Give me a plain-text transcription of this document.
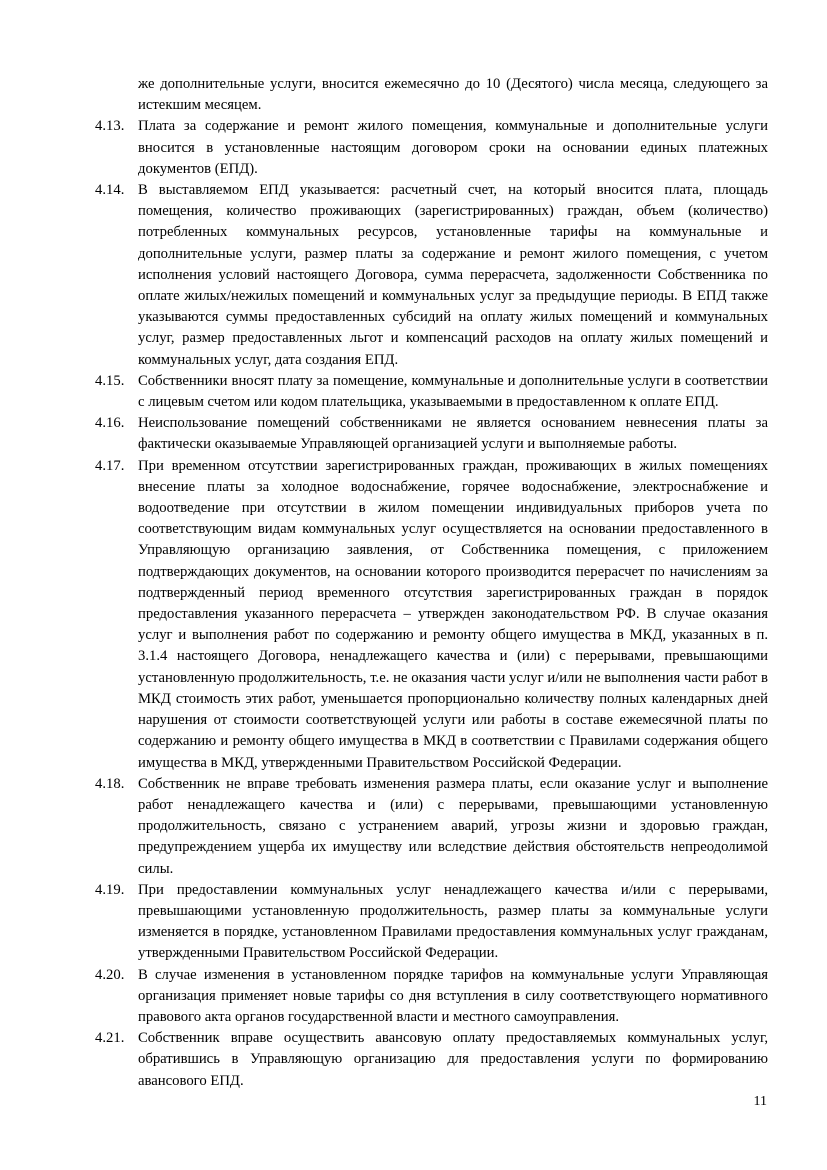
же дополнительные услуги, вносится ежемесячно до 10 (Десятого) числа месяца, следующего за истекшим месяцем.
4.13. Плата за содержание и ремонт жилого помещения, коммунальные и дополнительные услуги вносится в установленные настоящим договором сроки на основании единых платежных документов (ЕПД).
4.14. В выставляемом ЕПД указывается: расчетный счет, на который вносится плата, площадь помещения, количество проживающих (зарегистрированных) граждан, объем (количество) потребленных коммунальных ресурсов, установленные тарифы на коммунальные и дополнительные услуги, размер платы за содержание и ремонт жилого помещения, с учетом исполнения условий настоящего Договора, сумма перерасчета, задолженности Собственника по оплате жилых/нежилых помещений и коммунальных услуг за предыдущие периоды. В ЕПД также указываются суммы предоставленных субсидий на оплату жилых помещений и коммунальных услуг, размер предоставленных льгот и компенсаций расходов на оплату жилых помещений и коммунальных услуг, дата создания ЕПД.
4.15. Собственники вносят плату за помещение, коммунальные и дополнительные услуги в соответствии с лицевым счетом или кодом плательщика, указываемыми в предоставленном к оплате ЕПД.
4.16. Неиспользование помещений собственниками не является основанием невнесения платы за фактически оказываемые Управляющей организацией услуги и выполняемые работы.
4.17. При временном отсутствии зарегистрированных граждан, проживающих в жилых помещениях внесение платы за холодное водоснабжение, горячее водоснабжение, электроснабжение и водоотведение при отсутствии в жилом помещении индивидуальных приборов учета по соответствующим видам коммунальных услуг осуществляется на основании предоставленного в Управляющую организацию заявления, от Собственника помещения, с приложением подтверждающих документов, на основании которого производится перерасчет по начислениям за подтвержденный период временного отсутствия зарегистрированных граждан в порядок предоставления указанного перерасчета – утвержден законодательством РФ. В случае оказания услуг и выполнения работ по содержанию и ремонту общего имущества в МКД, указанных в п. 3.1.4 настоящего Договора, ненадлежащего качества и (или) с перерывами, превышающими установленную продолжительность, т.е. не оказания части услуг и/или не выполнения части работ в МКД стоимость этих работ, уменьшается пропорционально количеству полных календарных дней нарушения от стоимости соответствующей услуги или работы в составе ежемесячной платы по содержанию и ремонту общего имущества в МКД в соответствии с Правилами содержания общего имущества в МКД, утвержденными Правительством Российской Федерации.
4.18. Собственник не вправе требовать изменения размера платы, если оказание услуг и выполнение работ ненадлежащего качества и (или) с перерывами, превышающими установленную продолжительность, связано с устранением аварий, угрозы жизни и здоровью граждан, предупреждением ущерба их имуществу или вследствие действия обстоятельств непреодолимой силы.
4.19. При предоставлении коммунальных услуг ненадлежащего качества и/или с перерывами, превышающими установленную продолжительность, размер платы за коммунальные услуги изменяется в порядке, установленном Правилами предоставления коммунальных услуг гражданам, утвержденными Правительством Российской Федерации.
4.20. В случае изменения в установленном порядке тарифов на коммунальные услуги Управляющая организация применяет новые тарифы со дня вступления в силу соответствующего нормативного правового акта органов государственной власти и местного самоуправления.
4.21. Собственник вправе осуществить авансовую оплату предоставляемых коммунальных услуг, обратившись в Управляющую организацию для предоставления услуги по формированию авансового ЕПД.
11
